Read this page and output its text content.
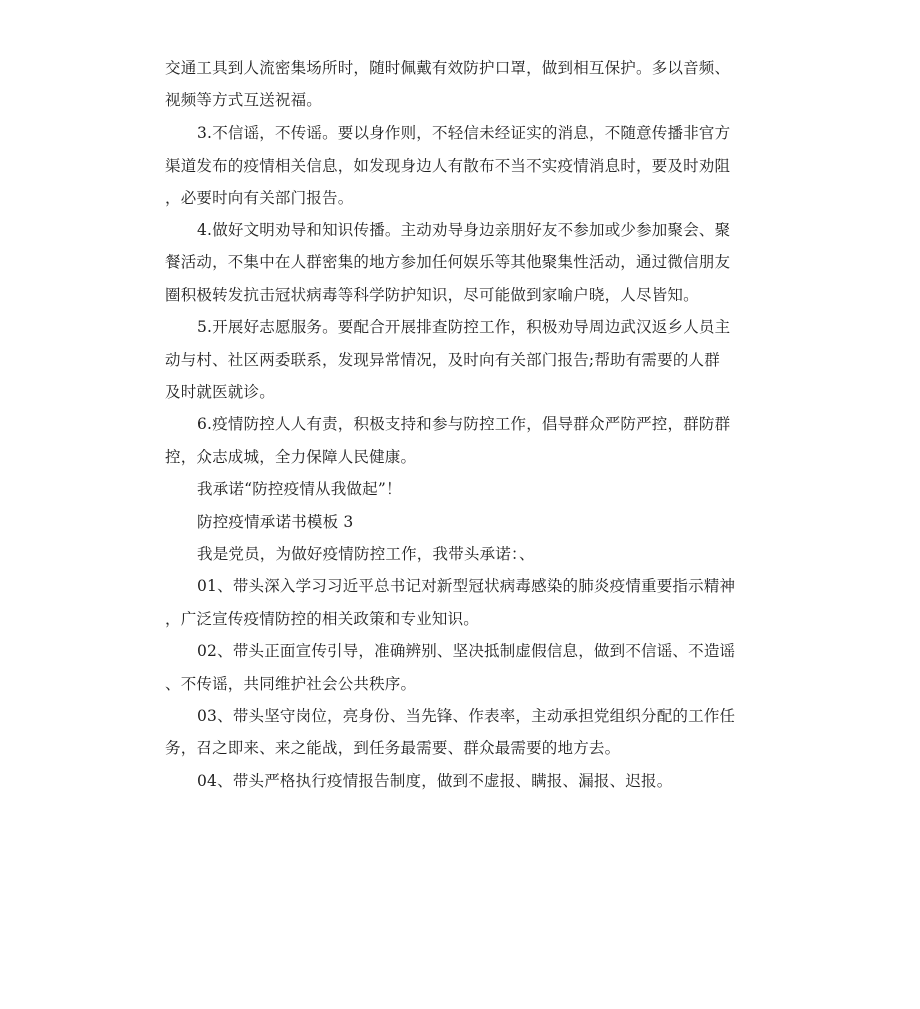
交通工具到人流密集场所时，随时佩戴有效防护口罩，做到相互保护。多以音频、
视频等方式互送祝福。
3.不信谣，不传谣。要以身作则，不轻信未经证实的消息，不随意传播非官方
渠道发布的疫情相关信息，如发现身边人有散布不当不实疫情消息时，要及时劝阻
，必要时向有关部门报告。
4.做好文明劝导和知识传播。主动劝导身边亲朋好友不参加或少参加聚会、聚
餐活动，不集中在人群密集的地方参加任何娱乐等其他聚集性活动，通过微信朋友
圈积极转发抗击冠状病毒等科学防护知识，尽可能做到家喻户晓，人尽皆知。
5.开展好志愿服务。要配合开展排查防控工作，积极劝导周边武汉返乡人员主
动与村、社区两委联系，发现异常情况，及时向有关部门报告;帮助有需要的人群
及时就医就诊。
6.疫情防控人人有责，积极支持和参与防控工作，倡导群众严防严控，群防群
控，众志成城，全力保障人民健康。
我承诺“防控疫情从我做起”！
防控疫情承诺书模板 3
我是党员，为做好疫情防控工作，我带头承诺：、
01、带头深入学习习近平总书记对新型冠状病毒感染的肺炎疫情重要指示精神
，广泛宣传疫情防控的相关政策和专业知识。
02、带头正面宣传引导，准确辨别、坚决抵制虚假信息，做到不信谣、不造谣
、不传谣，共同维护社会公共秩序。
03、带头坚守岗位，亮身份、当先锋、作表率，主动承担党组织分配的工作任
务，召之即来、来之能战，到任务最需要、群众最需要的地方去。
04、带头严格执行疫情报告制度，做到不虚报、瞒报、漏报、迟报。
